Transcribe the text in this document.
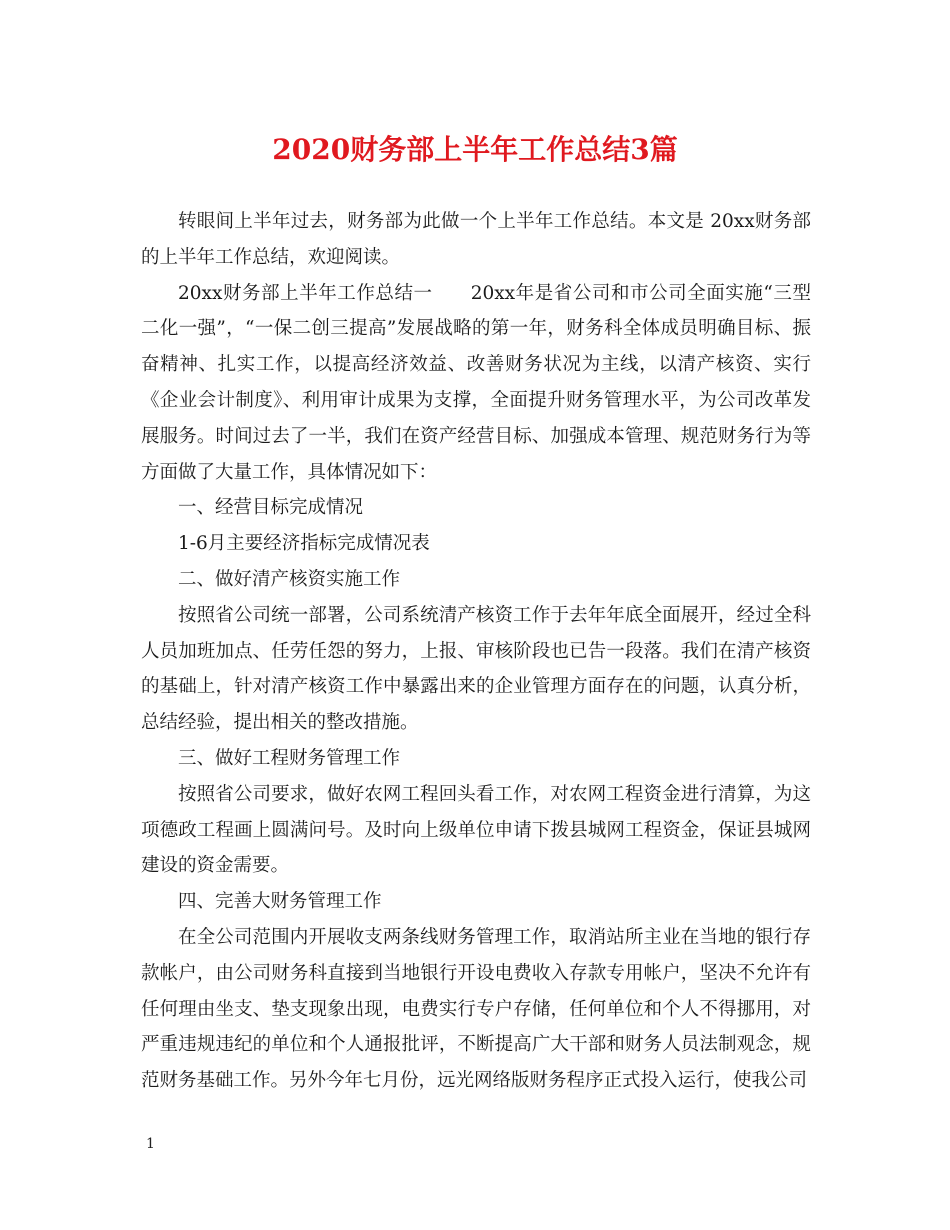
2020财务部上半年工作总结3篇

转眼间上半年过去，财务部为此做一个上半年工作总结。本文是 20xx财务部的上半年工作总结，欢迎阅读。

20xx财务部上半年工作总结一　　20xx年是省公司和市公司全面实施“三型二化一强”，“一保二创三提高”发展战略的第一年，财务科全体成员明确目标、振奋精神、扎实工作，以提高经济效益、改善财务状况为主线，以清产核资、实行《企业会计制度》、利用审计成果为支撑，全面提升财务管理水平，为公司改革发展服务。时间过去了一半，我们在资产经营目标、加强成本管理、规范财务行为等方面做了大量工作，具体情况如下：

一、经营目标完成情况

1-6月主要经济指标完成情况表

二、做好清产核资实施工作

按照省公司统一部署，公司系统清产核资工作于去年年底全面展开，经过全科人员加班加点、任劳任怨的努力，上报、审核阶段也已告一段落。我们在清产核资的基础上，针对清产核资工作中暴露出来的企业管理方面存在的问题，认真分析，总结经验，提出相关的整改措施。

三、做好工程财务管理工作

按照省公司要求，做好农网工程回头看工作，对农网工程资金进行清算，为这项德政工程画上圆满问号。及时向上级单位申请下拨县城网工程资金，保证县城网建设的资金需要。

四、完善大财务管理工作

在全公司范围内开展收支两条线财务管理工作，取消站所主业在当地的银行存款帐户，由公司财务科直接到当地银行开设电费收入存款专用帐户，坚决不允许有任何理由坐支、垫支现象出现，电费实行专户存储，任何单位和个人不得挪用，对严重违规违纪的单位和个人通报批评，不断提高广大干部和财务人员法制观念，规范财务基础工作。另外今年七月份，远光网络版财务程序正式投入运行，使我公司

1
